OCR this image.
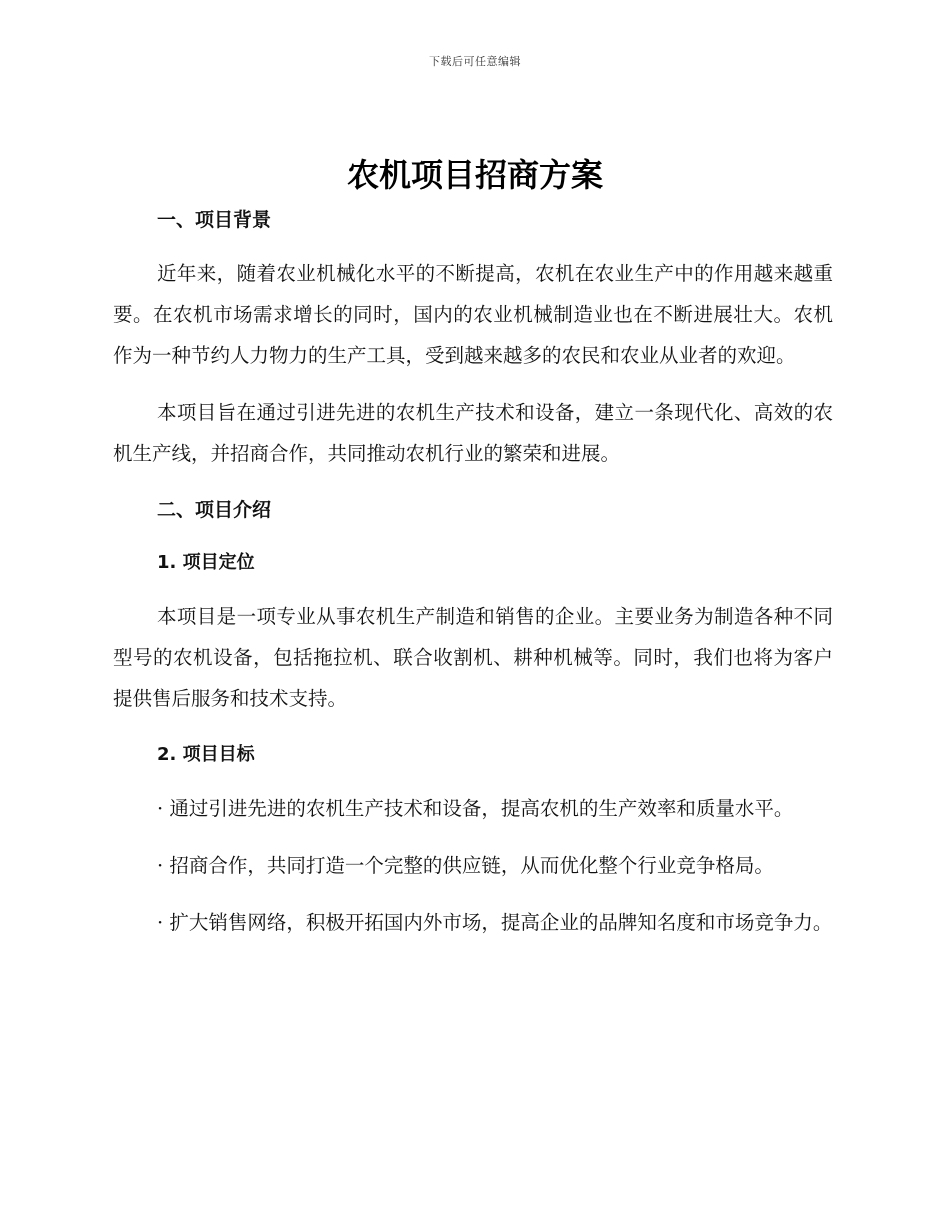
下载后可任意编辑
农机项目招商方案
一、项目背景

近年来，随着农业机械化水平的不断提高，农机在农业生产中的作用越来越重要。在农机市场需求增长的同时，国内的农业机械制造业也在不断进展壮大。农机作为一种节约人力物力的生产工具，受到越来越多的农民和农业从业者的欢迎。

本项目旨在通过引进先进的农机生产技术和设备，建立一条现代化、高效的农机生产线，并招商合作，共同推动农机行业的繁荣和进展。

二、项目介绍
1. 项目定位

本项目是一项专业从事农机生产制造和销售的企业。主要业务为制造各种不同型号的农机设备，包括拖拉机、联合收割机、耕种机械等。同时，我们也将为客户提供售后服务和技术支持。

2. 项目目标

· 通过引进先进的农机生产技术和设备，提高农机的生产效率和质量水平。

· 招商合作，共同打造一个完整的供应链，从而优化整个行业竞争格局。

· 扩大销售网络，积极开拓国内外市场，提高企业的品牌知名度和市场竞争力。
